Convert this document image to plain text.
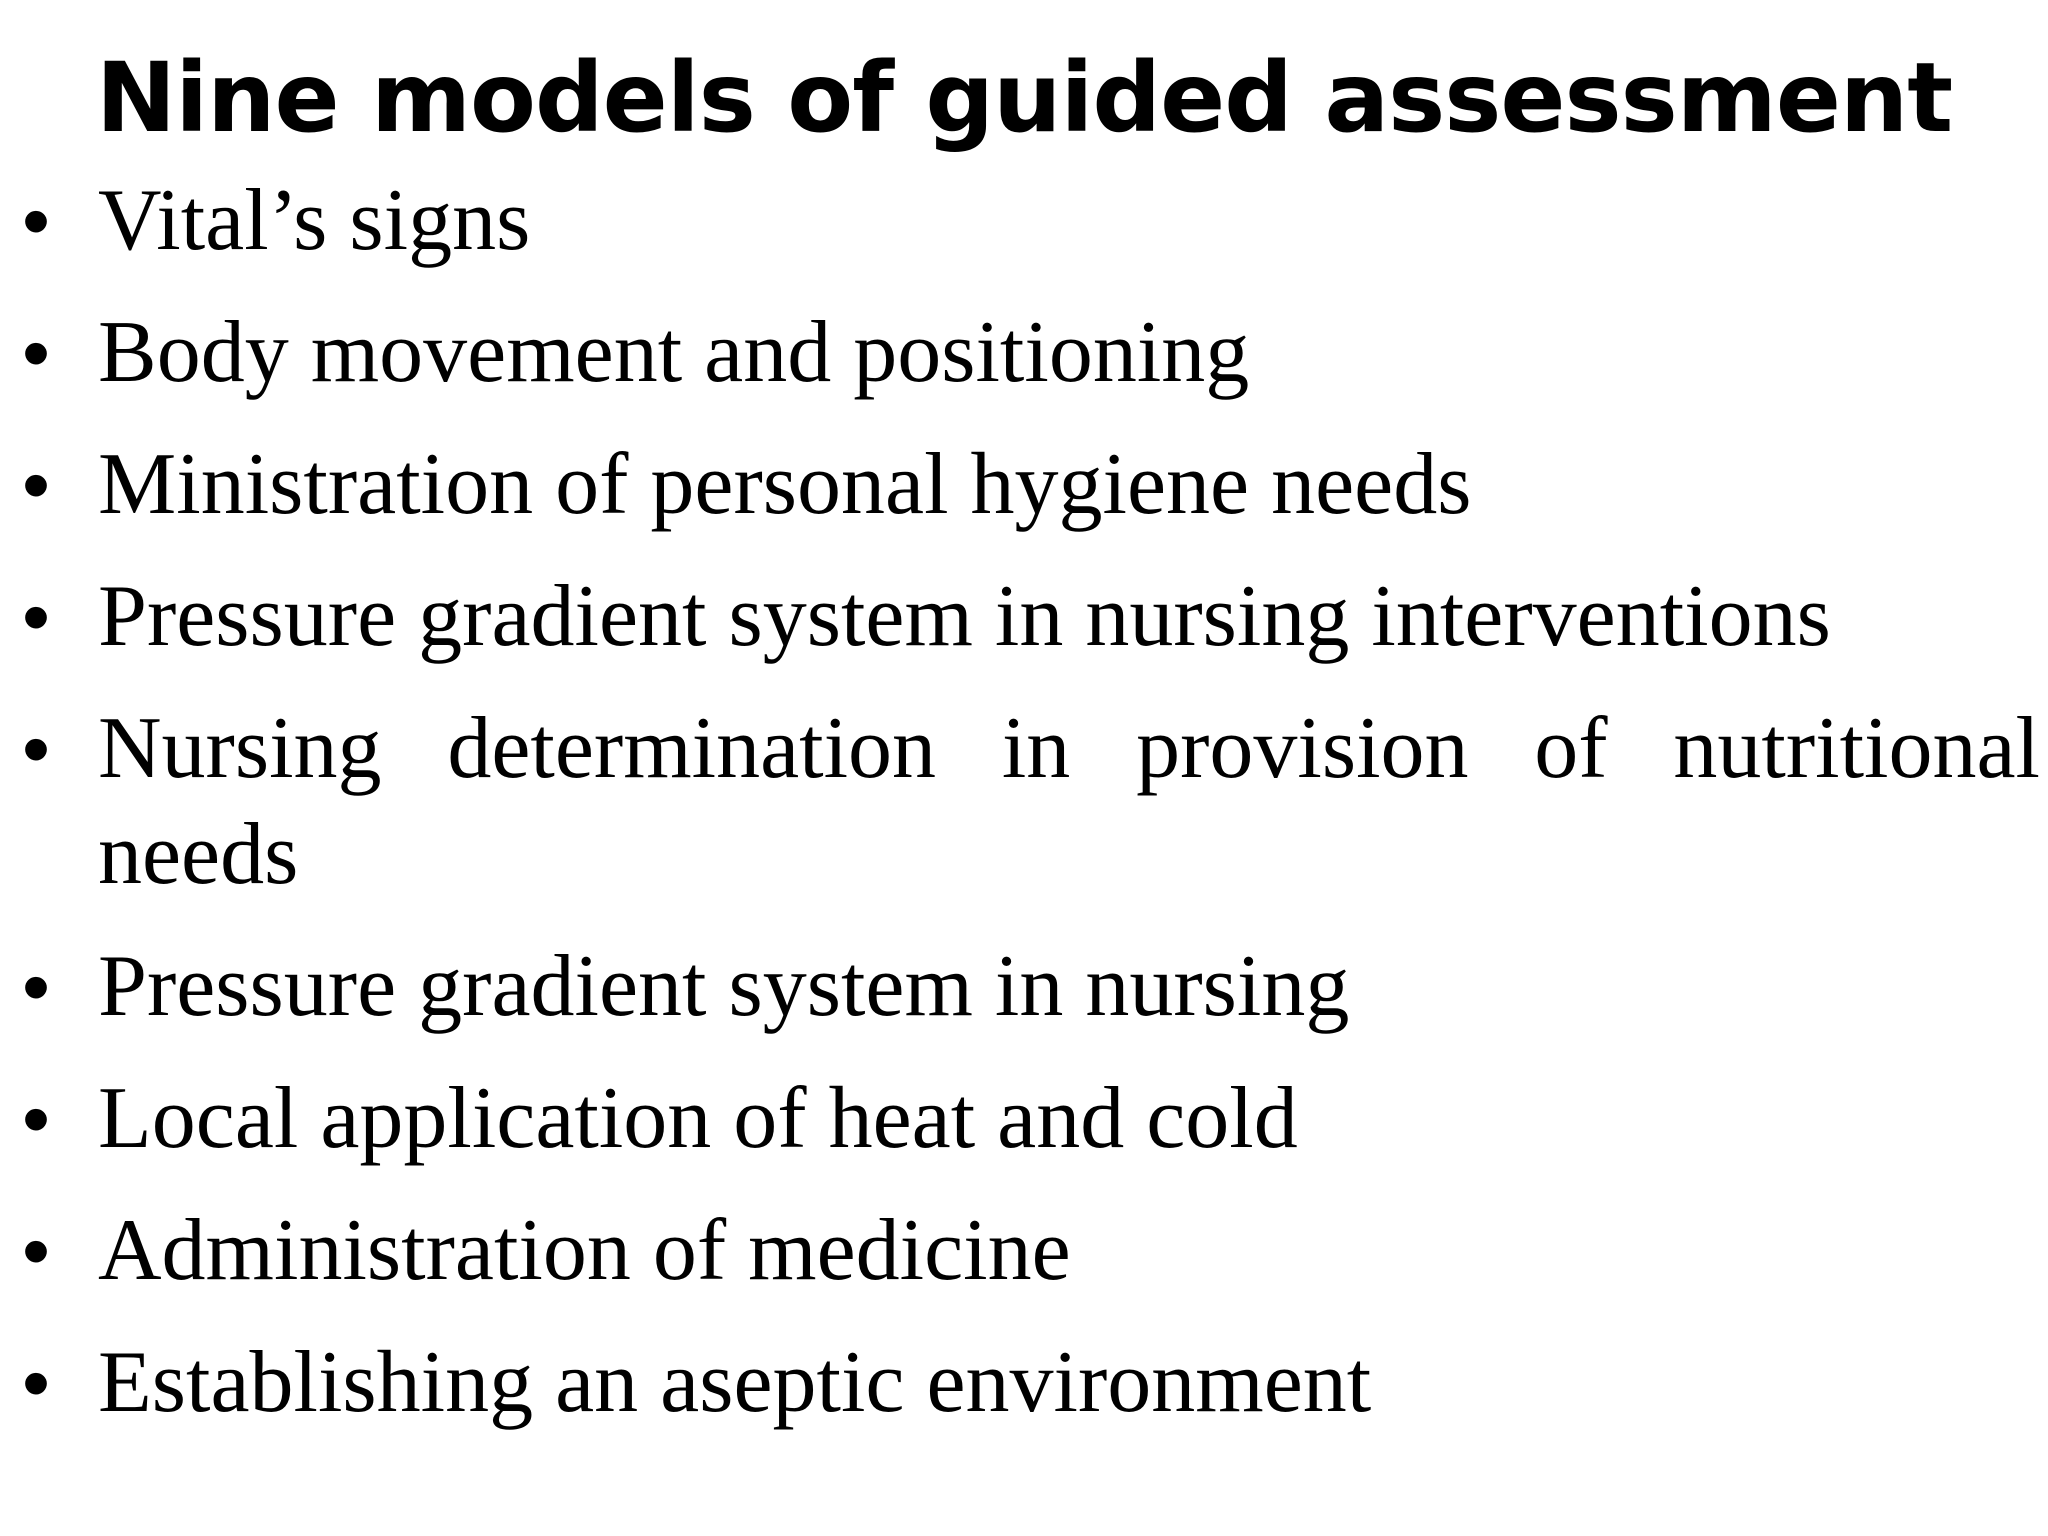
Nine models of guided assessment
• Vital’s signs
• Body movement and positioning
• Ministration of personal hygiene needs
• Pressure gradient system in nursing interventions
• Nursing determination in provision of nutritional needs
• Pressure gradient system in nursing
• Local application of heat and cold
• Administration of medicine
• Establishing an aseptic environment
